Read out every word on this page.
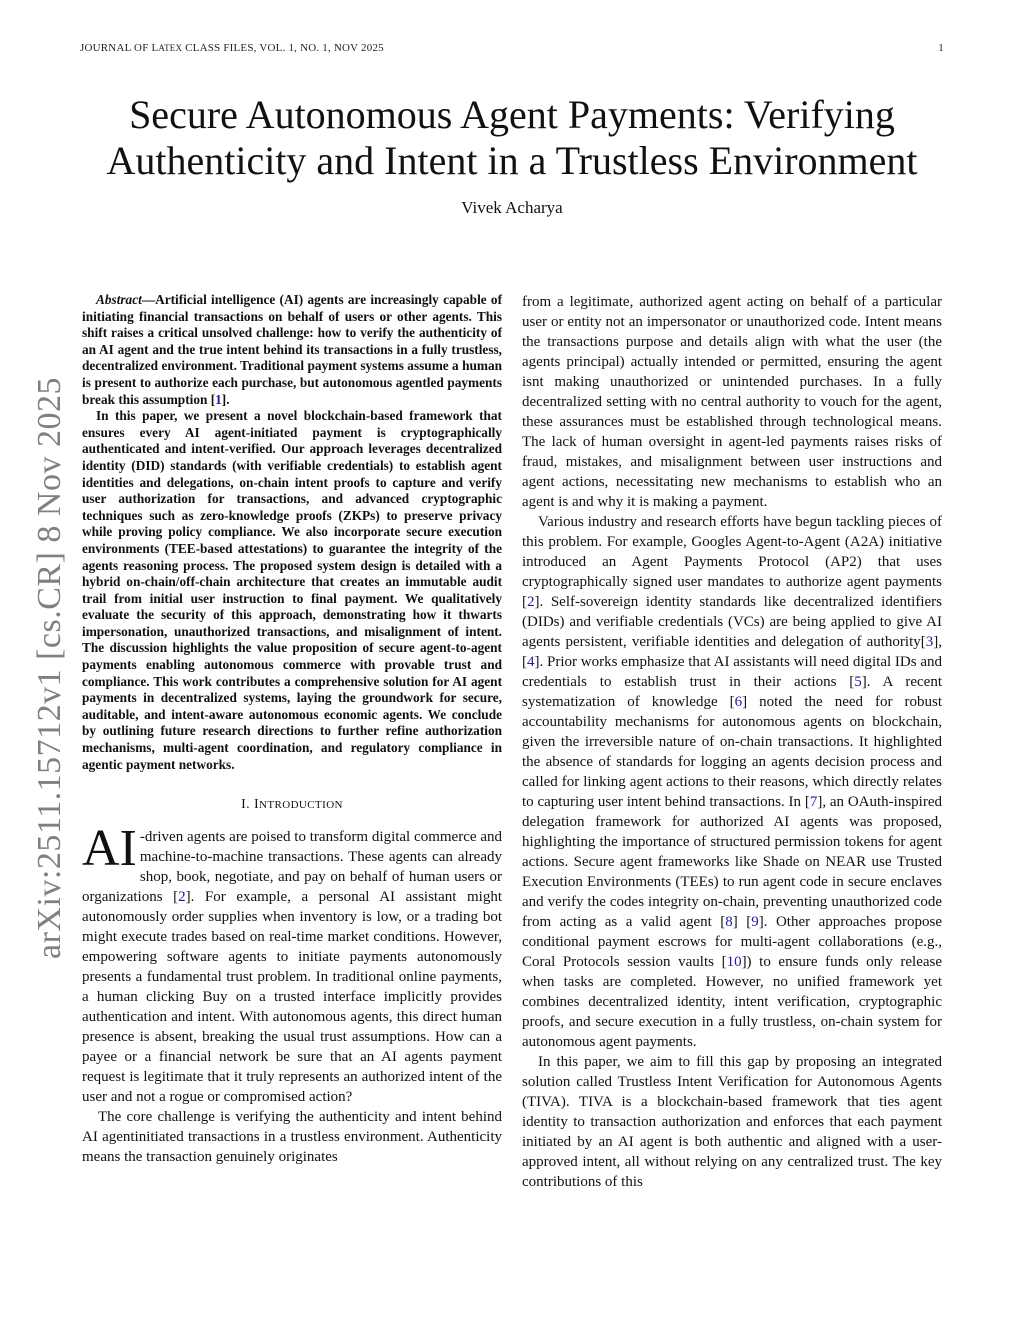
JOURNAL OF LATEX CLASS FILES, VOL. 1, NO. 1, NOV 2025	1
Secure Autonomous Agent Payments: Verifying
Authenticity and Intent in a Trustless Environment
Vivek Acharya
arXiv:2511.15712v1 [cs.CR] 8 Nov 2025

Abstract—Artificial intelligence (AI) agents are increasingly capable of initiating financial transactions on behalf of users or other agents. This shift raises a critical unsolved challenge: how to verify the authenticity of an AI agent and the true intent behind its transactions in a fully trustless, decentralized environment. Traditional payment systems assume a human is present to authorize each purchase, but autonomous agentled payments break this assumption [1].

In this paper, we present a novel blockchain-based framework that ensures every AI agent-initiated payment is cryptographically authenticated and intent-verified. Our approach leverages decentralized identity (DID) standards (with verifiable credentials) to establish agent identities and delegations, on-chain intent proofs to capture and verify user authorization for transactions, and advanced cryptographic techniques such as zero-knowledge proofs (ZKPs) to preserve privacy while proving policy compliance. We also incorporate secure execution environments (TEE-based attestations) to guarantee the integrity of the agents reasoning process. The proposed system design is detailed with a hybrid on-chain/off-chain architecture that creates an immutable audit trail from initial user instruction to final payment. We qualitatively evaluate the security of this approach, demonstrating how it thwarts impersonation, unauthorized transactions, and misalignment of intent. The discussion highlights the value proposition of secure agent-to-agent payments enabling autonomous commerce with provable trust and compliance. This work contributes a comprehensive solution for AI agent payments in decentralized systems, laying the groundwork for secure, auditable, and intent-aware autonomous economic agents. We conclude by outlining future research directions to further refine authorization mechanisms, multi-agent coordination, and regulatory compliance in agentic payment networks.

I. INTRODUCTION

AI -driven agents are poised to transform digital commerce and machine-to-machine transactions. These agents can already shop, book, negotiate, and pay on behalf of human users or organizations [2]. For example, a personal AI assistant might autonomously order supplies when inventory is low, or a trading bot might execute trades based on real-time market conditions. However, empowering software agents to initiate payments autonomously presents a fundamental trust problem. In traditional online payments, a human clicking Buy on a trusted interface implicitly provides authentication and intent. With autonomous agents, this direct human presence is absent, breaking the usual trust assumptions. How can a payee or a financial network be sure that an AI agents payment request is legitimate that it truly represents an authorized intent of the user and not a rogue or compromised action?

The core challenge is verifying the authenticity and intent behind AI agentinitiated transactions in a trustless environment. Authenticity means the transaction genuinely originates

from a legitimate, authorized agent acting on behalf of a particular user or entity not an impersonator or unauthorized code. Intent means the transactions purpose and details align with what the user (the agents principal) actually intended or permitted, ensuring the agent isnt making unauthorized or unintended purchases. In a fully decentralized setting with no central authority to vouch for the agent, these assurances must be established through technological means. The lack of human oversight in agent-led payments raises risks of fraud, mistakes, and misalignment between user instructions and agent actions, necessitating new mechanisms to establish who an agent is and why it is making a payment.

Various industry and research efforts have begun tackling pieces of this problem. For example, Googles Agent-to-Agent (A2A) initiative introduced an Agent Payments Protocol (AP2) that uses cryptographically signed user mandates to authorize agent payments [2]. Self-sovereign identity standards like decentralized identifiers (DIDs) and verifiable credentials (VCs) are being applied to give AI agents persistent, verifiable identities and delegation of authority[3], [4]. Prior works emphasize that AI assistants will need digital IDs and credentials to establish trust in their actions [5]. A recent systematization of knowledge [6] noted the need for robust accountability mechanisms for autonomous agents on blockchain, given the irreversible nature of on-chain transactions. It highlighted the absence of standards for logging an agents decision process and called for linking agent actions to their reasons, which directly relates to capturing user intent behind transactions. In [7], an OAuth-inspired delegation framework for authorized AI agents was proposed, highlighting the importance of structured permission tokens for agent actions. Secure agent frameworks like Shade on NEAR use Trusted Execution Environments (TEEs) to run agent code in secure enclaves and verify the codes integrity on-chain, preventing unauthorized code from acting as a valid agent [8] [9]. Other approaches propose conditional payment escrows for multi-agent collaborations (e.g., Coral Protocols session vaults [10]) to ensure funds only release when tasks are completed. However, no unified framework yet combines decentralized identity, intent verification, cryptographic proofs, and secure execution in a fully trustless, on-chain system for autonomous agent payments.

In this paper, we aim to fill this gap by proposing an integrated solution called Trustless Intent Verification for Autonomous Agents (TIVA). TIVA is a blockchain-based framework that ties agent identity to transaction authorization and enforces that each payment initiated by an AI agent is both authentic and aligned with a user-approved intent, all without relying on any centralized trust. The key contributions of this
